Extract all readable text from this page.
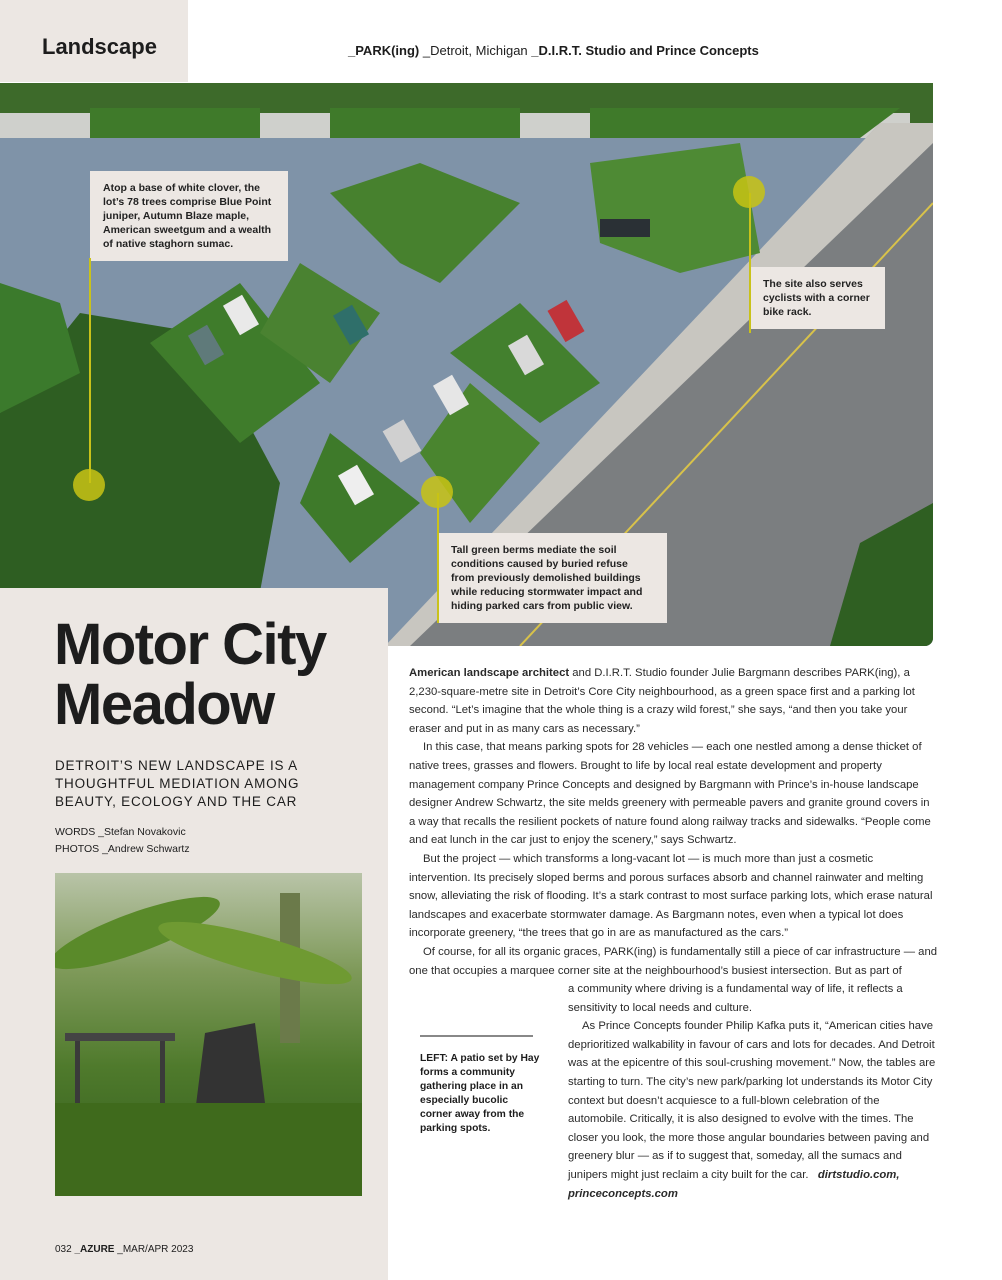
Landscape	_PARK(ing) _Detroit, Michigan _D.I.R.T. Studio and Prince Concepts
Atop a base of white clover, the lot’s 78 trees comprise Blue Point juniper, Autumn Blaze maple, American sweetgum and a wealth of native staghorn sumac.
The site also serves cyclists with a corner bike rack.
Tall green berms mediate the soil conditions caused by buried refuse from previously demolished buildings while reducing stormwater impact and hiding parked cars from public view.
Motor City Meadow
DETROIT’S NEW LANDSCAPE IS A THOUGHTFUL MEDIATION AMONG BEAUTY, ECOLOGY AND THE CAR
WORDS _Stefan Novakovic
PHOTOS _Andrew Schwartz
032 _AZURE _MAR/APR 2023

American landscape architect and D.I.R.T. Studio founder Julie Bargmann describes PARK(ing), a 2,230-square-metre site in Detroit’s Core City neighbourhood, as a green space first and a parking lot second. “Let’s imagine that the whole thing is a crazy wild forest,” she says, “and then you take your eraser and put in as many cars as necessary.”

In this case, that means parking spots for 28 vehicles — each one nestled among a dense thicket of native trees, grasses and flowers. Brought to life by local real estate development and property management company Prince Concepts and designed by Bargmann with Prince’s in-house landscape designer Andrew Schwartz, the site melds greenery with permeable pavers and granite ground covers in a way that recalls the resilient pockets of nature found along railway tracks and sidewalks. “People come and eat lunch in the car just to enjoy the scenery,” says Schwartz.

But the project — which transforms a long-vacant lot — is much more than just a cosmetic intervention. Its precisely sloped berms and porous surfaces absorb and channel rainwater and melting snow, alleviating the risk of flooding. It’s a stark contrast to most surface parking lots, which erase natural landscapes and exacerbate stormwater damage. As Bargmann notes, even when a typical lot does incorporate greenery, “the trees that go in are as manufactured as the cars.”

Of course, for all its organic graces, PARK(ing) is fundamentally still a piece of car infrastructure — and one that occupies a marquee corner site at the neighbourhood’s busiest intersection. But as part of

a community where driving is a fundamental way of life, it reflects a sensitivity to local needs and culture.

As Prince Concepts founder Philip Kafka puts it, “American cities have deprioritized walkability in favour of cars and lots for decades. And Detroit was at the epicentre of this soul-crushing movement.” Now, the tables are starting to turn. The city’s new park/parking lot understands its Motor City context but doesn’t acquiesce to a full-blown celebration of the automobile. Critically, it is also designed to evolve with the times. The closer you look, the more those angular boundaries between paving and greenery blur — as if to suggest that, someday, all the sumacs and junipers might just reclaim a city built for the car. dirtstudio.com, princeconcepts.com

LEFT: A patio set by Hay forms a community gathering place in an especially bucolic corner away from the parking spots.
